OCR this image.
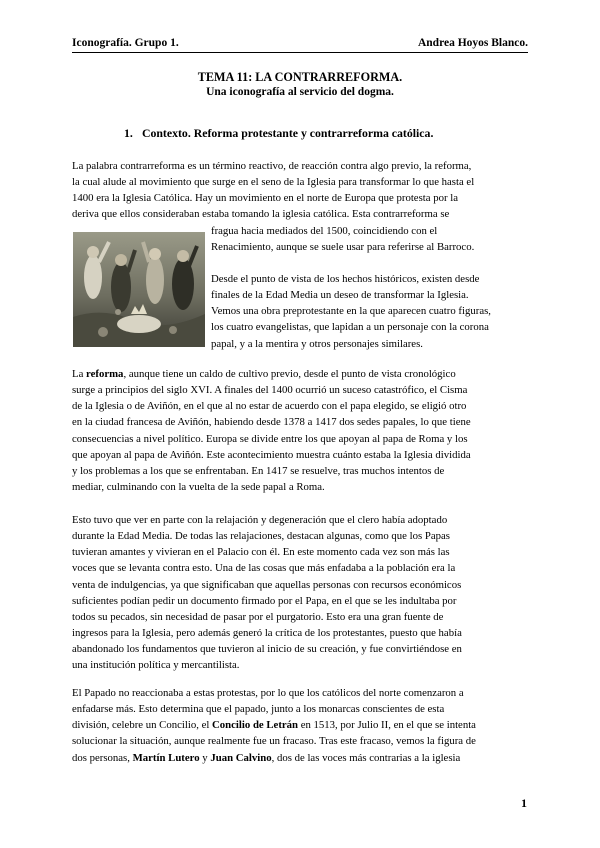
Iconografía. Grupo 1.	Andrea Hoyos Blanco.
TEMA 11: LA CONTRARREFORMA.
Una iconografía al servicio del dogma.
1. Contexto. Reforma protestante y contrarreforma católica.

La palabra contrarreforma es un término reactivo, de reacción contra algo previo, la reforma,

la cual alude al movimiento que surge en el seno de la Iglesia para transformar lo que hasta el

1400 era la Iglesia Católica. Hay un movimiento en el norte de Europa que protesta por la

deriva que ellos consideraban estaba tomando la iglesia católica. Esta contrarreforma se

fragua hacia mediados del 1500, coincidiendo con el

Renacimiento, aunque se suele usar para referirse al Barroco.

Desde el punto de vista de los hechos históricos, existen desde

finales de la Edad Media un deseo de transformar la Iglesia.

Vemos una obra preprotestante en la que aparecen cuatro figuras,

los cuatro evangelistas, que lapidan a un personaje con la corona

papal, y a la mentira y otros personajes similares.

La reforma, aunque tiene un caldo de cultivo previo, desde el punto de vista cronológico

surge a principios del siglo XVI. A finales del 1400 ocurrió un suceso catastrófico, el Cisma

de la Iglesia o de Aviñón, en el que al no estar de acuerdo con el papa elegido, se eligió otro

en la ciudad francesa de Aviñón, habiendo desde 1378 a 1417 dos sedes papales, lo que tiene

consecuencias a nivel político. Europa se divide entre los que apoyan al papa de Roma y los

que apoyan al papa de Aviñón. Este acontecimiento muestra cuánto estaba la Iglesia dividida

y los problemas a los que se enfrentaban. En 1417 se resuelve, tras muchos intentos de

mediar, culminando con la vuelta de la sede papal a Roma.

Esto tuvo que ver en parte con la relajación y degeneración que el clero había adoptado

durante la Edad Media. De todas las relajaciones, destacan algunas, como que los Papas

tuvieran amantes y vivieran en el Palacio con él. En este momento cada vez son más las

voces que se levanta contra esto. Una de las cosas que más enfadaba a la población era la

venta de indulgencias, ya que significaban que aquellas personas con recursos económicos

suficientes podían pedir un documento firmado por el Papa, en el que se les indultaba por

todos su pecados, sin necesidad de pasar por el purgatorio. Esto era una gran fuente de

ingresos para la Iglesia, pero además generó la crítica de los protestantes, puesto que había

abandonado los fundamentos que tuvieron al inicio de su creación, y fue convirtiéndose en

una institución política y mercantilista.

El Papado no reaccionaba a estas protestas, por lo que los católicos del norte comenzaron a

enfadarse más. Esto determina que el papado, junto a los monarcas conscientes de esta

división, celebre un Concilio, el Concilio de Letrán en 1513, por Julio II, en el que se intenta

solucionar la situación, aunque realmente fue un fracaso. Tras este fracaso, vemos la figura de

dos personas, Martín Lutero y Juan Calvino, dos de las voces más contrarias a la iglesia

1
